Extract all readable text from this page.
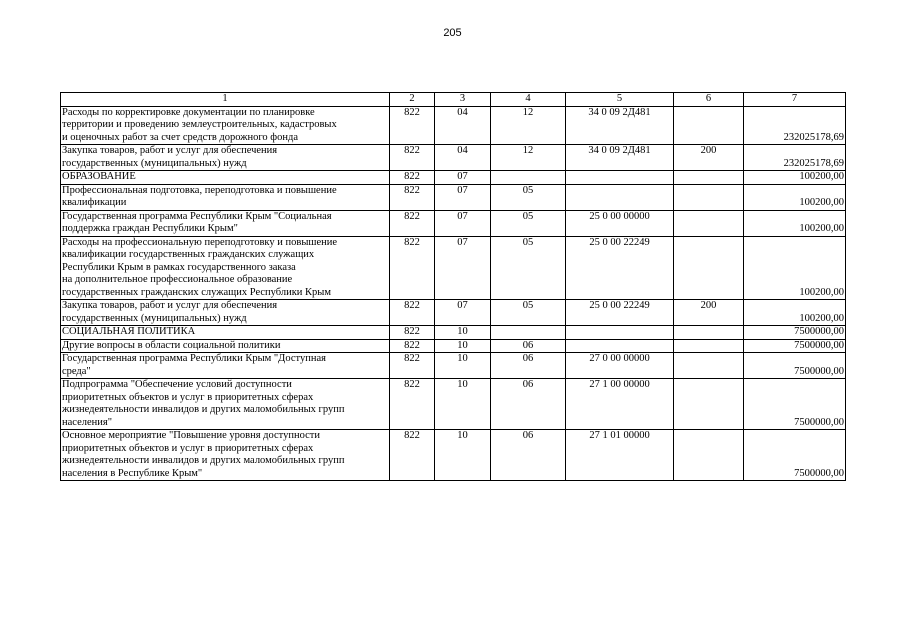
205
1	2	3	4	5	6	7

Расходы по корректировке документации по планировке
территории и проведению землеустроительных, кадастровых
и оценочных работ за счет средств дорожного фонда	822	04	12	34 0 09 2Д481		232025178,69

Закупка товаров, работ и услуг для обеспечения
государственных (муниципальных) нужд	822	04	12	34 0 09 2Д481	200	232025178,69

ОБРАЗОВАНИЕ	822	07				100200,00

Профессиональная подготовка, переподготовка и повышение
квалификации	822	07	05			100200,00

Государственная программа Республики Крым "Социальная
поддержка граждан Республики Крым"	822	07	05	25 0 00 00000		100200,00

Расходы на профессиональную переподготовку и повышение
квалификации государственных гражданских служащих
Республики Крым в рамках государственного заказа
на дополнительное профессиональное образование
государственных гражданских служащих Республики Крым	822	07	05	25 0 00 22249		100200,00

Закупка товаров, работ и услуг для обеспечения
государственных (муниципальных) нужд	822	07	05	25 0 00 22249	200	100200,00

СОЦИАЛЬНАЯ ПОЛИТИКА	822	10				7500000,00

Другие вопросы в области социальной политики	822	10	06			7500000,00

Государственная программа Республики Крым "Доступная
среда"	822	10	06	27 0 00 00000		7500000,00

Подпрограмма "Обеспечение условий доступности
приоритетных объектов и услуг в приоритетных сферах
жизнедеятельности инвалидов и других маломобильных групп
населения"	822	10	06	27 1 00 00000		7500000,00

Основное мероприятие "Повышение уровня доступности
приоритетных объектов и услуг в приоритетных сферах
жизнедеятельности инвалидов и других маломобильных групп
населения в Республике Крым"	822	10	06	27 1 01 00000		7500000,00
